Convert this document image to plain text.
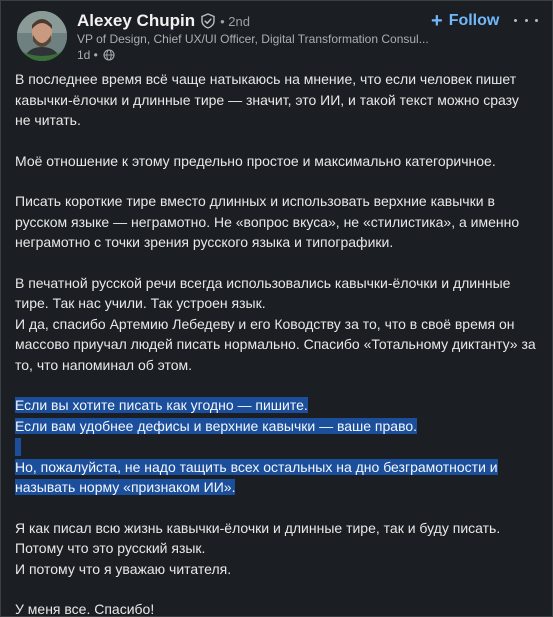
Alexey Chupin • 2nd
VP of Design, Chief UX/UI Officer, Digital Transformation Consul...
1d •
+ Follow

В последнее время всё чаще натыкаюсь на мнение, что если человек пишет
кавычки-ёлочки и длинные тире — значит, это ИИ, и такой текст можно сразу
не читать.

Моё отношение к этому предельно простое и максимально категоричное.

Писать короткие тире вместо длинных и использовать верхние кавычки в
русском языке — неграмотно. Не «вопрос вкуса», не «стилистика», а именно
неграмотно с точки зрения русского языка и типографики.

В печатной русской речи всегда использовались кавычки-ёлочки и длинные
тире. Так нас учили. Так устроен язык.
И да, спасибо Артемию Лебедеву и его Ководству за то, что в своё время он
массово приучал людей писать нормально. Спасибо «Тотальному диктанту» за
то, что напоминал об этом.

Если вы хотите писать как угодно — пишите.
Если вам удобнее дефисы и верхние кавычки — ваше право.

Но, пожалуйста, не надо тащить всех остальных на дно безграмотности и
называть норму «признаком ИИ».

Я как писал всю жизнь кавычки-ёлочки и длинные тире, так и буду писать.
Потому что это русский язык.
И потому что я уважаю читателя.

У меня все. Спасибо!
